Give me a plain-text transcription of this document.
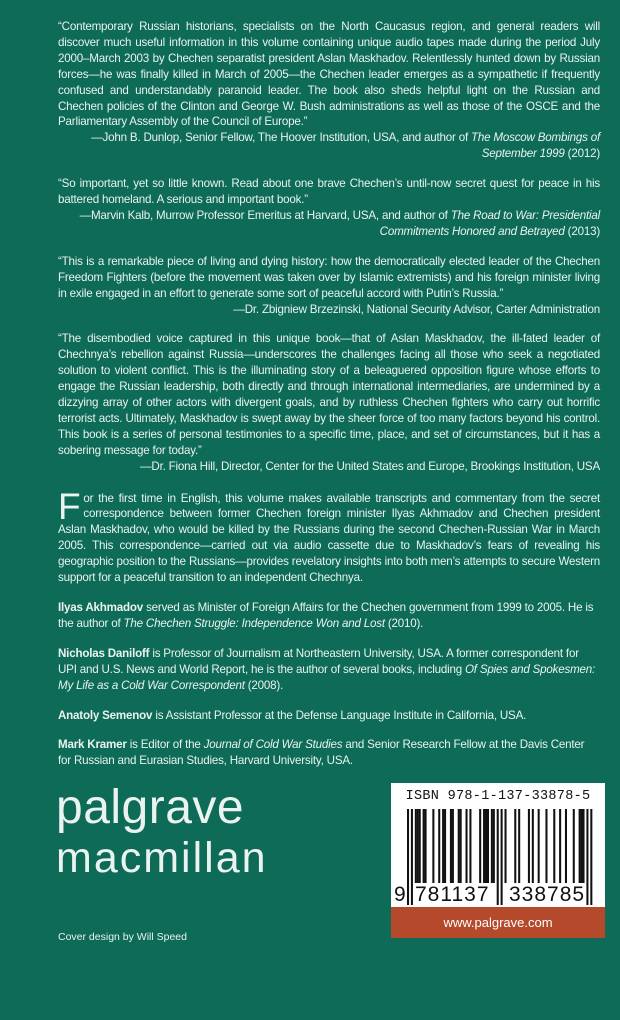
“Contemporary Russian historians, specialists on the North Caucasus region, and general readers will discover much useful information in this volume containing unique audio tapes made during the period July 2000–March 2003 by Chechen separatist president Aslan Maskhadov. Relentlessly hunted down by Russian forces—he was finally killed in March of 2005—the Chechen leader emerges as a sympathetic if frequently confused and understandably paranoid leader. The book also sheds helpful light on the Russian and Chechen policies of the Clinton and George W. Bush administrations as well as those of the OSCE and the Parliamentary Assembly of the Council of Europe.”

—John B. Dunlop, Senior Fellow, The Hoover Institution, USA, and author of The Moscow Bombings of September 1999 (2012)

“So important, yet so little known. Read about one brave Chechen’s until-now secret quest for peace in his battered homeland. A serious and important book.”

—Marvin Kalb, Murrow Professor Emeritus at Harvard, USA, and author of The Road to War: Presidential Commitments Honored and Betrayed (2013)

“This is a remarkable piece of living and dying history: how the democratically elected leader of the Chechen Freedom Fighters (before the movement was taken over by Islamic extremists) and his foreign minister living in exile engaged in an effort to generate some sort of peaceful accord with Putin’s Russia.”

—Dr. Zbigniew Brzezinski, National Security Advisor, Carter Administration

“The disembodied voice captured in this unique book—that of Aslan Maskhadov, the ill-fated leader of Chechnya’s rebellion against Russia—underscores the challenges facing all those who seek a negotiated solution to violent conflict. This is the illuminating story of a beleaguered opposition figure whose efforts to engage the Russian leadership, both directly and through international intermediaries, are undermined by a dizzying array of other actors with divergent goals, and by ruthless Chechen fighters who carry out horrific terrorist acts. Ultimately, Maskhadov is swept away by the sheer force of too many factors beyond his control. This book is a series of personal testimonies to a specific time, place, and set of circumstances, but it has a sobering message for today.”

—Dr. Fiona Hill, Director, Center for the United States and Europe, Brookings Institution, USA

For the first time in English, this volume makes available transcripts and commentary from the secret correspondence between former Chechen foreign minister Ilyas Akhmadov and Chechen president Aslan Maskhadov, who would be killed by the Russians during the second Chechen-Russian War in March 2005. This correspondence—carried out via audio cassette due to Maskhadov’s fears of revealing his geographic position to the Russians—provides revelatory insights into both men’s attempts to secure Western support for a peaceful transition to an independent Chechnya.

Ilyas Akhmadov served as Minister of Foreign Affairs for the Chechen government from 1999 to 2005. He is the author of The Chechen Struggle: Independence Won and Lost (2010).

Nicholas Daniloff is Professor of Journalism at Northeastern University, USA. A former correspondent for UPI and U.S. News and World Report, he is the author of several books, including Of Spies and Spokesmen: My Life as a Cold War Correspondent (2008).

Anatoly Semenov is Assistant Professor at the Defense Language Institute in California, USA.

Mark Kramer is Editor of the Journal of Cold War Studies and Senior Research Fellow at the Davis Center for Russian and Eurasian Studies, Harvard University, USA.

palgrave
macmillan
Cover design by Will Speed
ISBN 978-1-137-33878-5
9 781137 338785
www.palgrave.com
